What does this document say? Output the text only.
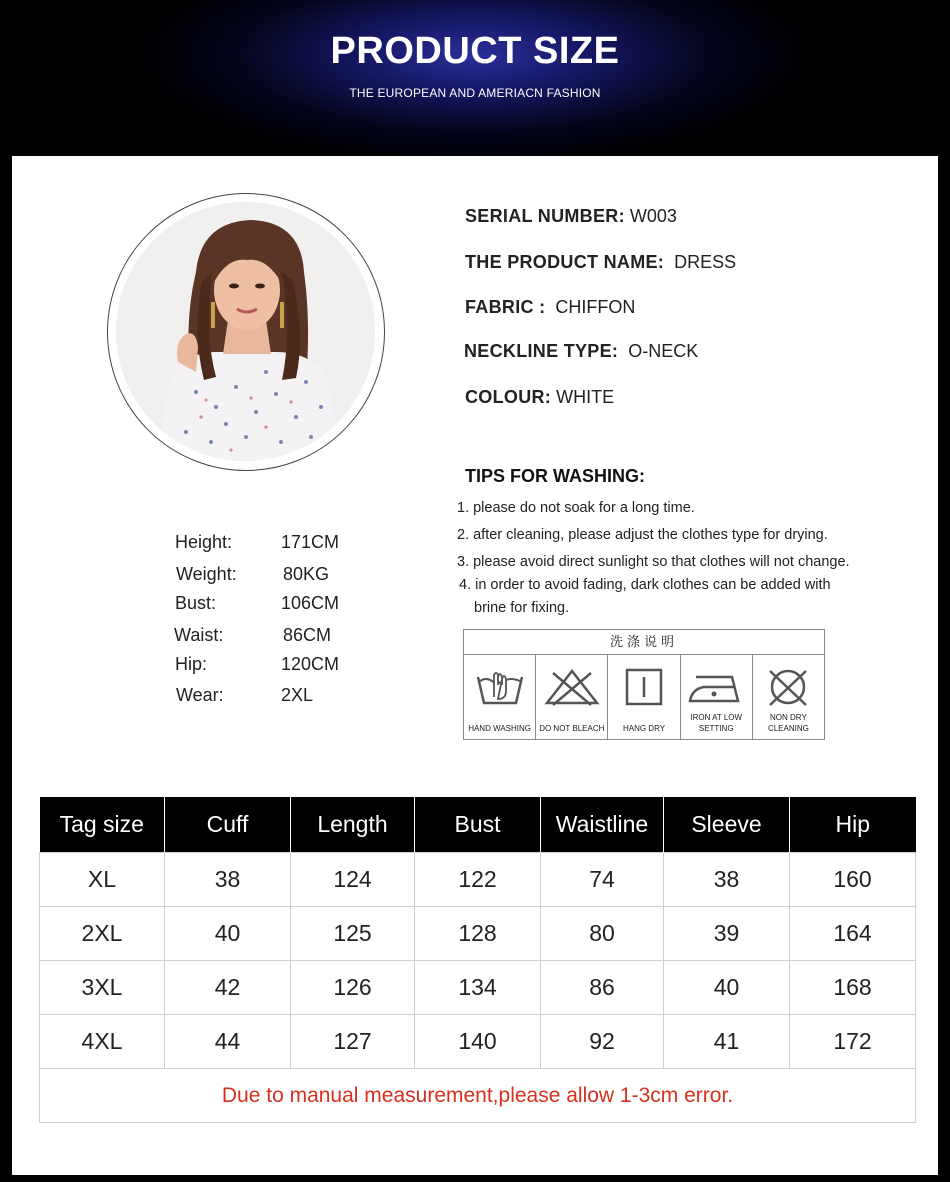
PRODUCT SIZE
THE EUROPEAN AND AMERIACN FASHION
Height:	171CM
Weight:	80KG
Bust:	106CM
Waist:	86CM
Hip:	120CM
Wear:	2XL
SERIAL NUMBER: W003
THE PRODUCT NAME: DRESS
FABRIC : CHIFFON
NECKLINE TYPE: O-NECK
COLOUR: WHITE
TIPS FOR WASHING:
1. please do not soak for a long time.
2. after cleaning, please adjust the clothes type for drying.
3. please avoid direct sunlight so that clothes will not change.
4. in order to avoid fading, dark clothes can be added with
brine for fixing.
洗涤说明
HAND WASHING	DO NOT BLEACH	HANG DRY
IRON AT LOW
SETTING
NON DRY
CLEANING
Tag size	Cuff	Length	Bust	Waistline	Sleeve	Hip
XL	38	124	122	74	38	160
2XL	40	125	128	80	39	164
3XL	42	126	134	86	40	168
4XL	44	127	140	92	41	172
Due to manual measurement,please allow 1-3cm error.						
